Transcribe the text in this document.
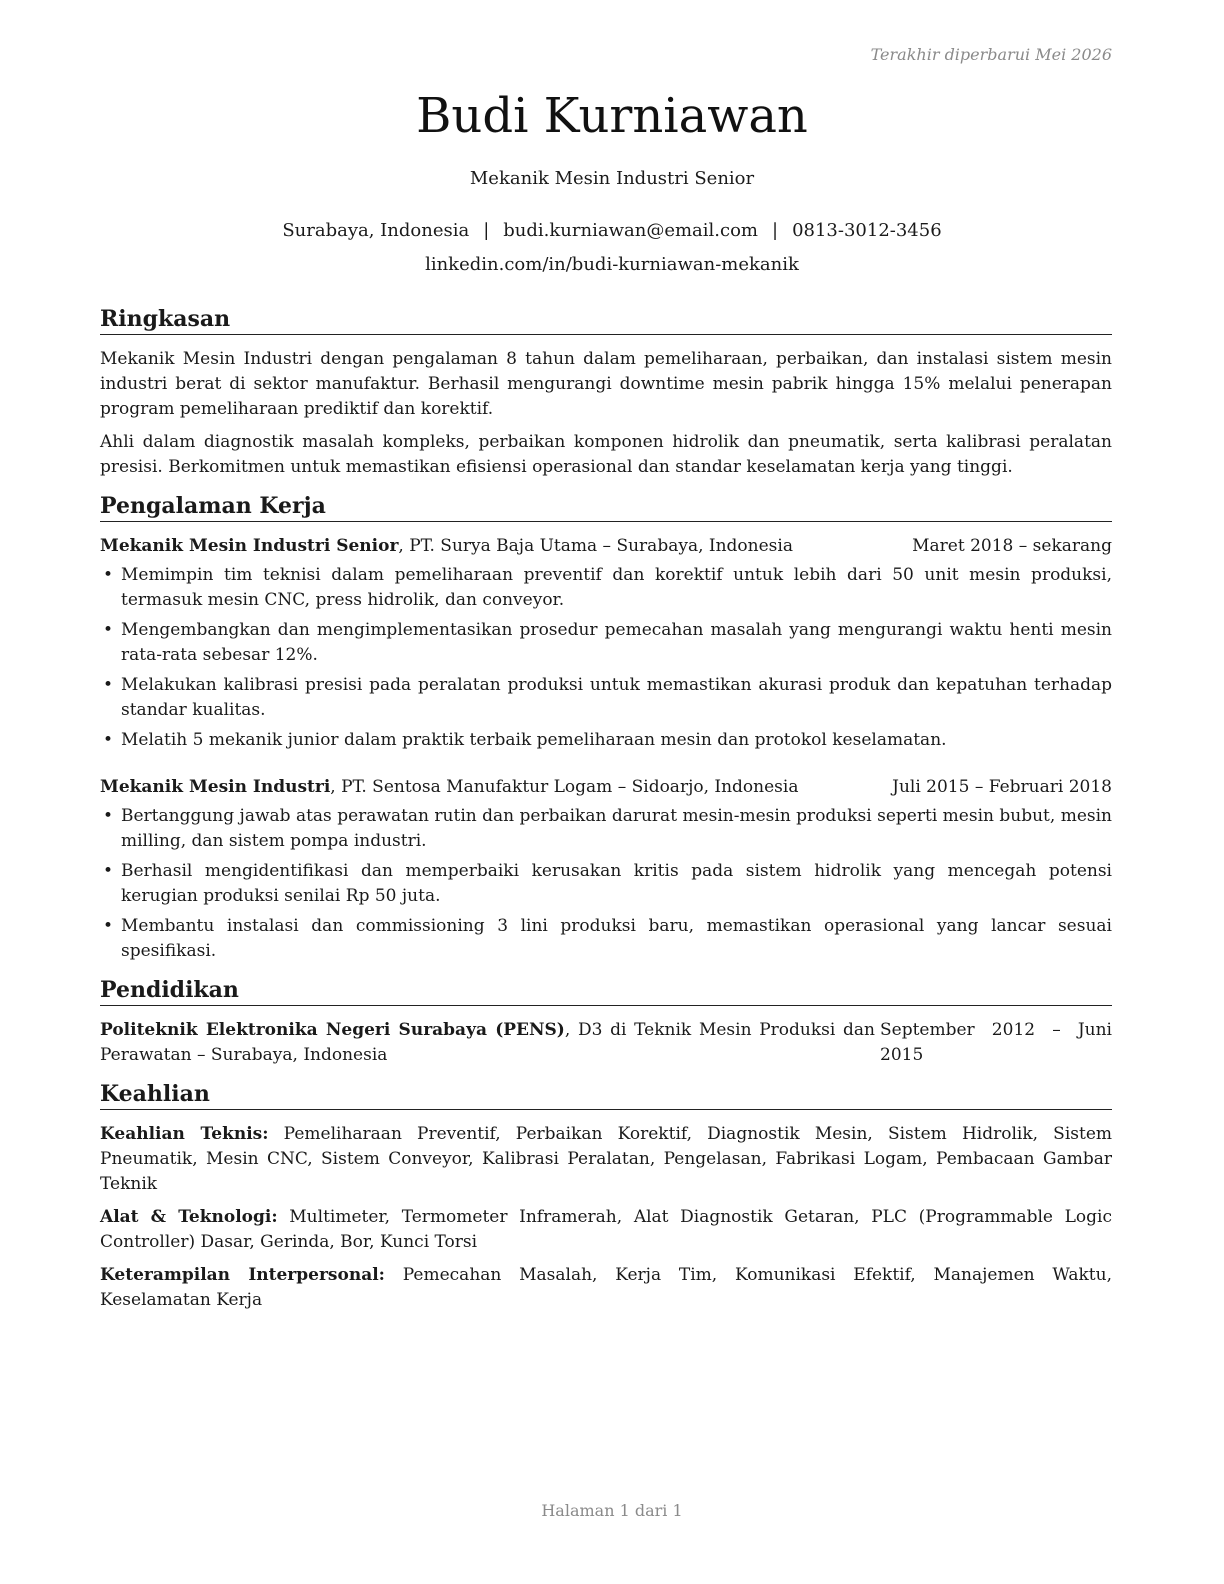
Terakhir diperbarui Mei 2026
Budi Kurniawan
Mekanik Mesin Industri Senior
Surabaya, Indonesia | budi.kurniawan@email.com | 0813-3012-3456
linkedin.com/in/budi-kurniawan-mekanik
Ringkasan

Mekanik Mesin Industri dengan pengalaman 8 tahun dalam pemeliharaan, perbaikan, dan instalasi sistem mesin industri berat di sektor manufaktur. Berhasil mengurangi downtime mesin pabrik hingga 15% melalui penerapan program pemeliharaan prediktif dan korektif.

Ahli dalam diagnostik masalah kompleks, perbaikan komponen hidrolik dan pneumatik, serta kalibrasi peralatan presisi. Berkomitmen untuk memastikan efisiensi operasional dan standar keselamatan kerja yang tinggi.

Pengalaman Kerja
Mekanik Mesin Industri Senior, PT. Surya Baja Utama – Surabaya, Indonesia	Maret 2018 – sekarang
• Memimpin tim teknisi dalam pemeliharaan preventif dan korektif untuk lebih dari 50 unit mesin produksi, termasuk mesin CNC, press hidrolik, dan conveyor.
• Mengembangkan dan mengimplementasikan prosedur pemecahan masalah yang mengurangi waktu henti mesin rata-rata sebesar 12%.
• Melakukan kalibrasi presisi pada peralatan produksi untuk memastikan akurasi produk dan kepatuhan terhadap standar kualitas.
• Melatih 5 mekanik junior dalam praktik terbaik pemeliharaan mesin dan protokol keselamatan.
Mekanik Mesin Industri, PT. Sentosa Manufaktur Logam – Sidoarjo, Indonesia	Juli 2015 – Februari 2018
• Bertanggung jawab atas perawatan rutin dan perbaikan darurat mesin-mesin produksi seperti mesin bubut, mesin milling, dan sistem pompa industri.
• Berhasil mengidentifikasi dan memperbaiki kerusakan kritis pada sistem hidrolik yang mencegah potensi kerugian produksi senilai Rp 50 juta.
• Membantu instalasi dan commissioning 3 lini produksi baru, memastikan operasional yang lancar sesuai spesifikasi.
Pendidikan
Politeknik Elektronika Negeri Surabaya (PENS), D3 di Teknik Mesin Produksi dan Perawatan – Surabaya, Indonesia
September 2012 – Juni
2015
Keahlian

Keahlian Teknis: Pemeliharaan Preventif, Perbaikan Korektif, Diagnostik Mesin, Sistem Hidrolik, Sistem Pneumatik, Mesin CNC, Sistem Conveyor, Kalibrasi Peralatan, Pengelasan, Fabrikasi Logam, Pembacaan Gambar Teknik

Alat & Teknologi: Multimeter, Termometer Inframerah, Alat Diagnostik Getaran, PLC (Programmable Logic Controller) Dasar, Gerinda, Bor, Kunci Torsi

Keterampilan Interpersonal: Pemecahan Masalah, Kerja Tim, Komunikasi Efektif, Manajemen Waktu, Keselamatan Kerja

Halaman 1 dari 1
